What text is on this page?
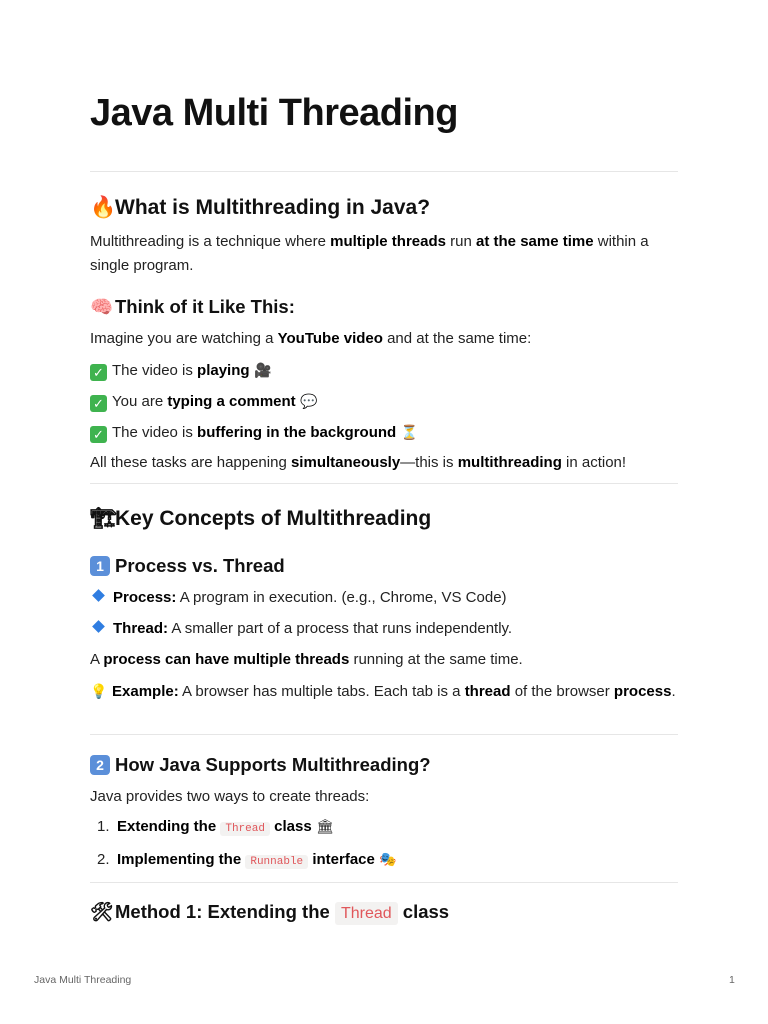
Java Multi Threading
🔥What is Multithreading in Java?

Multithreading is a technique where multiple threads run at the same time within a single program.

🧠 Think of it Like This:

Imagine you are watching a YouTube video and at the same time:

✓ The video is playing 🎥

✓ You are typing a comment 💬

✓ The video is buffering in the background ⏳

All these tasks are happening simultaneously—this is multithreading in action!

🏗Key Concepts of Multithreading
1 Process vs. Thread

Process: A program in execution. (e.g., Chrome, VS Code)

Thread: A smaller part of a process that runs independently.

A process can have multiple threads running at the same time.

💡 Example: A browser has multiple tabs. Each tab is a thread of the browser process.

2 How Java Supports Multithreading?

Java provides two ways to create threads:

1. Extending the Thread class 🏛
2. Implementing the Runnable interface 🎭
🛠Method 1: Extending the Thread class
Java Multi Threading	1
